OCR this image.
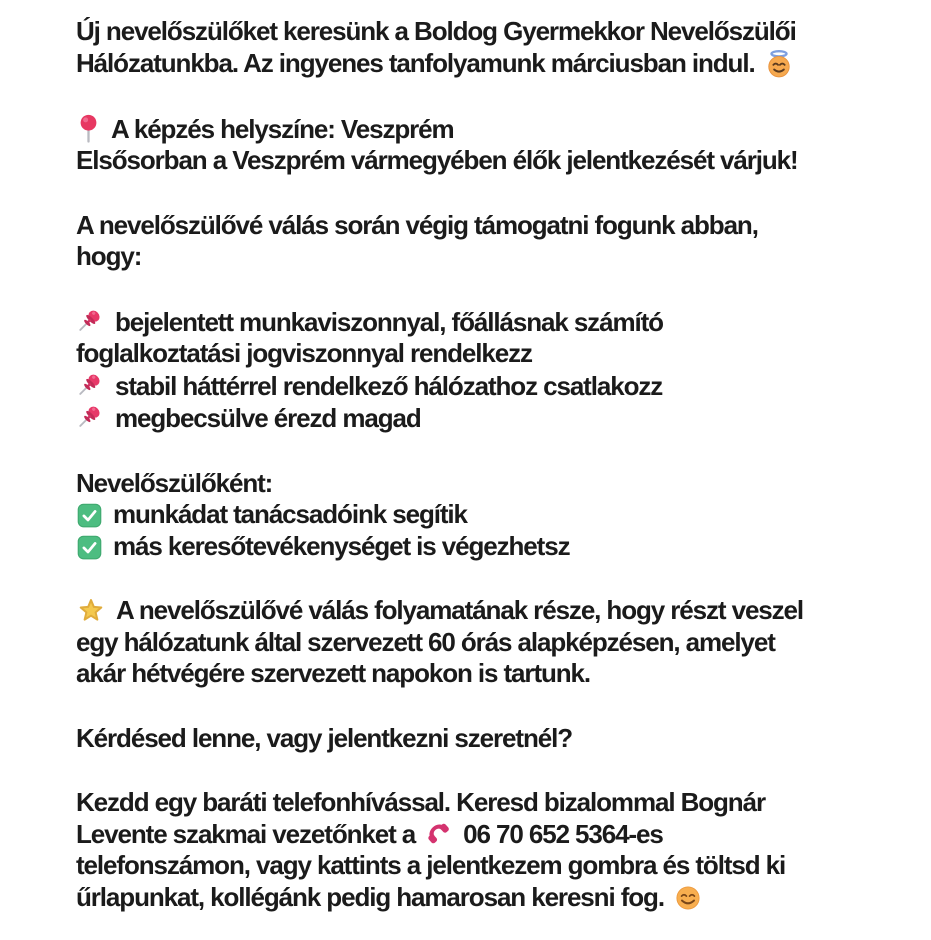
Új nevelőszülőket keresünk a Boldog Gyermekkor Nevelőszülői
Hálózatunkba. Az ingyenes tanfolyamunk márciusban indul.
A képzés helyszíne: Veszprém
Elsősorban a Veszprém vármegyében élők jelentkezését várjuk!
A nevelőszülővé válás során végig támogatni fogunk abban,
hogy:
bejelentett munkaviszonnyal, főállásnak számító
foglalkoztatási jogviszonnyal rendelkezz
stabil háttérrel rendelkező hálózathoz csatlakozz
megbecsülve érezd magad
Nevelőszülőként:
munkádat tanácsadóink segítik
más keresőtevékenységet is végezhetsz
A nevelőszülővé válás folyamatának része, hogy részt veszel
egy hálózatunk által szervezett 60 órás alapképzésen, amelyet
akár hétvégére szervezett napokon is tartunk.
Kérdésed lenne, vagy jelentkezni szeretnél?
Kezdd egy baráti telefonhívással. Keresd bizalommal Bognár
Levente szakmai vezetőnket a 06 70 652 5364-es
telefonszámon, vagy kattints a jelentkezem gombra és töltsd ki
űrlapunkat, kollégánk pedig hamarosan keresni fog.
